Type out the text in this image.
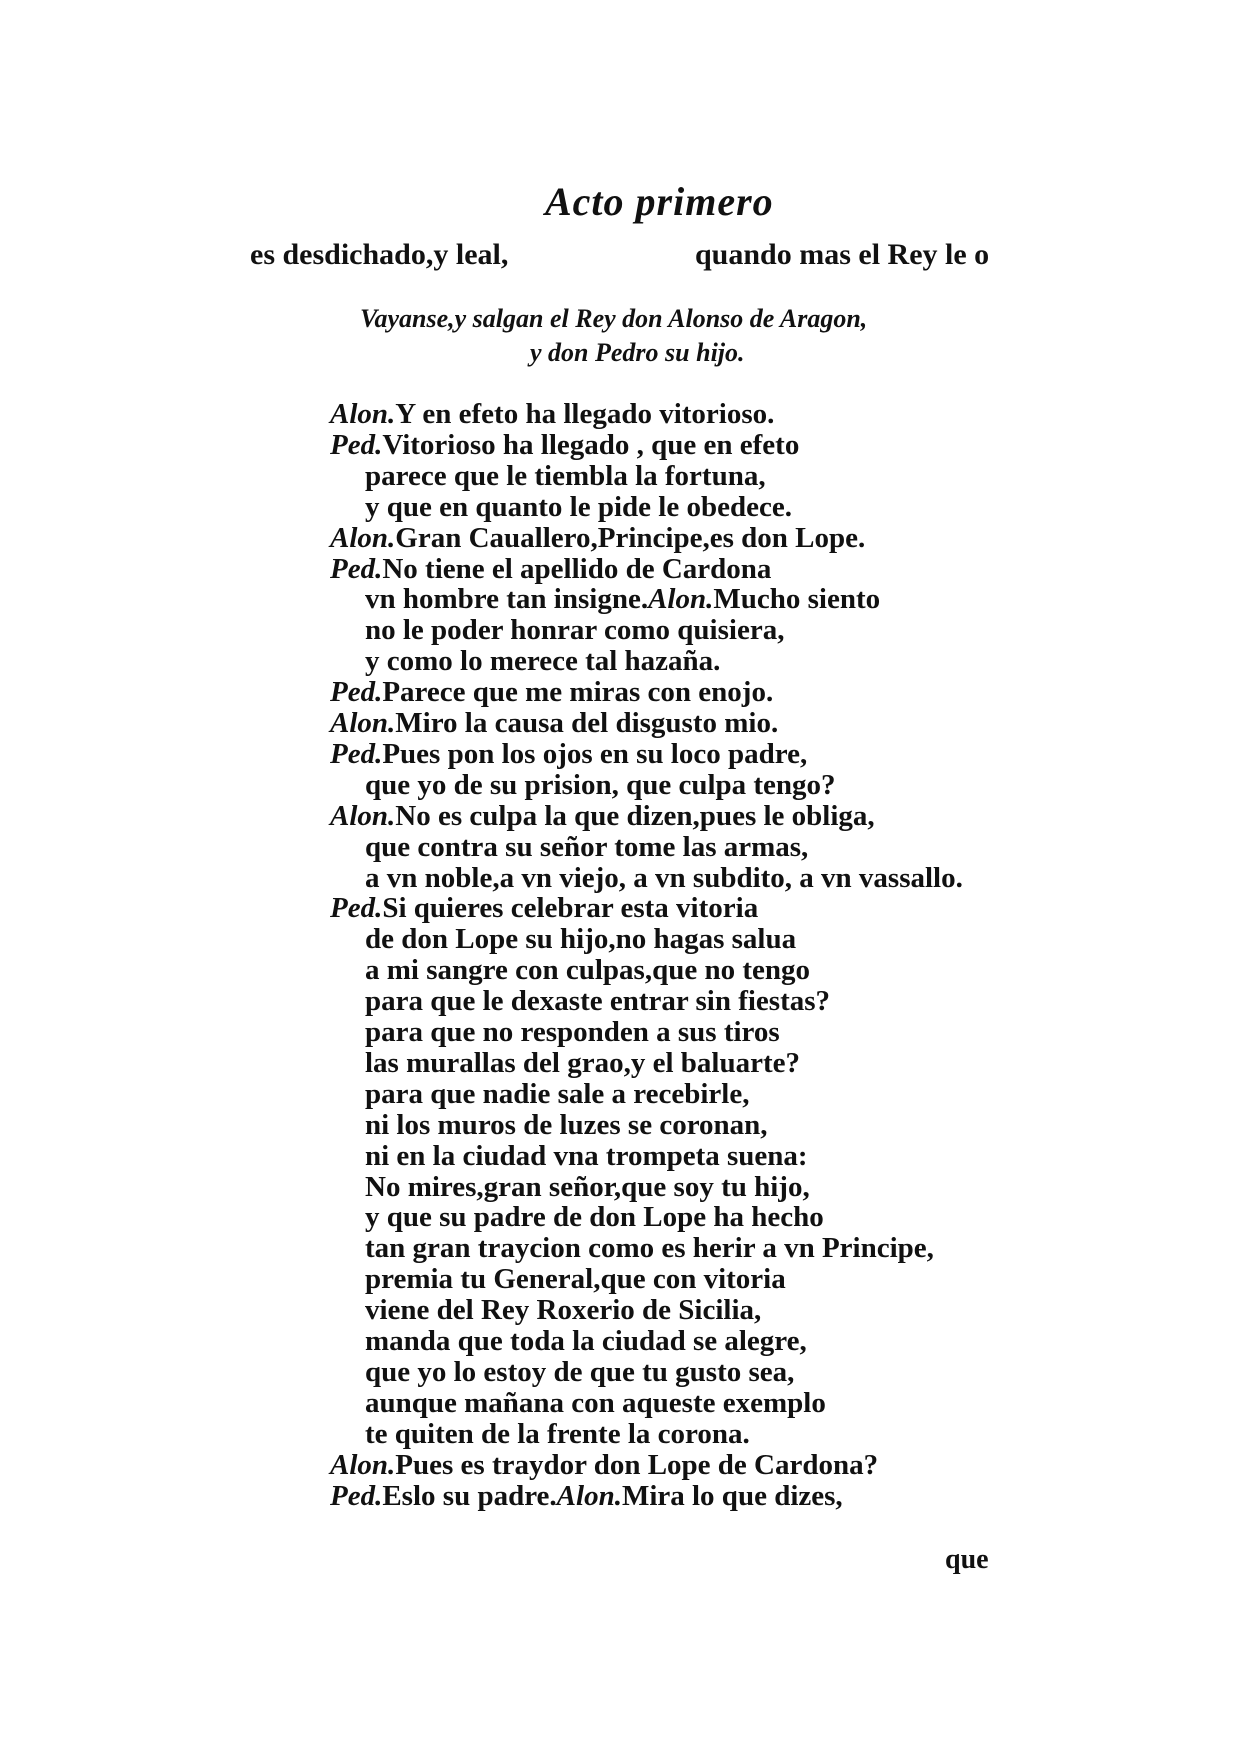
Acto primero
es desdichado,y leal,	quando mas el Rey le o
Vayanse,y salgan el Rey don Alonso de Aragon,
y don Pedro su hijo.
Alon.Y en efeto ha llegado vitorioso.
Ped.Vitorioso ha llegado , que en efeto
parece que le tiembla la fortuna,
y que en quanto le pide le obedece.
Alon.Gran Cauallero,Principe,es don Lope.
Ped.No tiene el apellido de Cardona
vn hombre tan insigne.Alon.Mucho siento
no le poder honrar como quisiera,
y como lo merece tal hazaña.
Ped.Parece que me miras con enojo.
Alon.Miro la causa del disgusto mio.
Ped.Pues pon los ojos en su loco padre,
que yo de su prision, que culpa tengo?
Alon.No es culpa la que dizen,pues le obliga,
que contra su señor tome las armas,
a vn noble,a vn viejo, a vn subdito, a vn vassallo.
Ped.Si quieres celebrar esta vitoria
de don Lope su hijo,no hagas salua
a mi sangre con culpas,que no tengo
para que le dexaste entrar sin fiestas?
para que no responden a sus tiros
las murallas del grao,y el baluarte?
para que nadie sale a recebirle,
ni los muros de luzes se coronan,
ni en la ciudad vna trompeta suena:
No mires,gran señor,que soy tu hijo,
y que su padre de don Lope ha hecho
tan gran traycion como es herir a vn Principe,
premia tu General,que con vitoria
viene del Rey Roxerio de Sicilia,
manda que toda la ciudad se alegre,
que yo lo estoy de que tu gusto sea,
aunque mañana con aqueste exemplo
te quiten de la frente la corona.
Alon.Pues es traydor don Lope de Cardona?
Ped.Eslo su padre.Alon.Mira lo que dizes,
que
